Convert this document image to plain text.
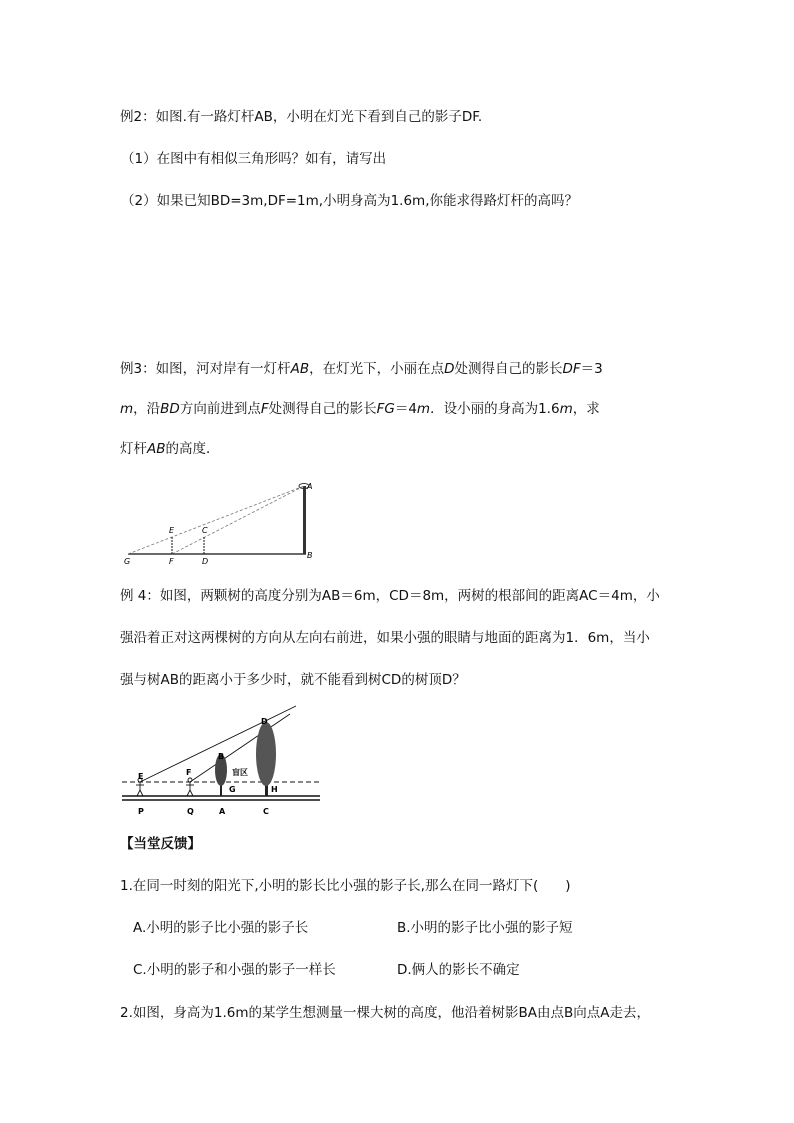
例2：如图.有一路灯杆AB，小明在灯光下看到自己的影子DF.
（1）在图中有相似三角形吗？如有，请写出
（2）如果已知BD=3m,DF=1m,小明身高为1.6m,你能求得路灯杆的高吗？
例3：如图，河对岸有一灯杆AB，在灯光下，小丽在点D处测得自己的影长DF＝3
m，沿BD方向前进到点F处测得自己的影长FG＝4m．设小丽的身高为1.6m，求
灯杆AB的高度．
A
B
C
D
E
F
G
例 4：如图，两颗树的高度分别为AB＝6m，CD＝8m，两树的根部间的距离AC＝4m，小
强沿着正对这两棵树的方向从左向右前进，如果小强的眼睛与地面的距离为1．6m，当小
强与树AB的距离小于多少时，就不能看到树CD的树顶D？
D
B
E	F	盲区
G	H
P	Q	A	C
【当堂反馈】
1.在同一时刻的阳光下,小明的影长比小强的影子长,那么在同一路灯下(　　)
A.小明的影子比小强的影子长	B.小明的影子比小强的影子短
C.小明的影子和小强的影子一样长	D.俩人的影长不确定
2.如图，身高为1.6m的某学生想测量一棵大树的高度，他沿着树影BA由点B向点A走去，
